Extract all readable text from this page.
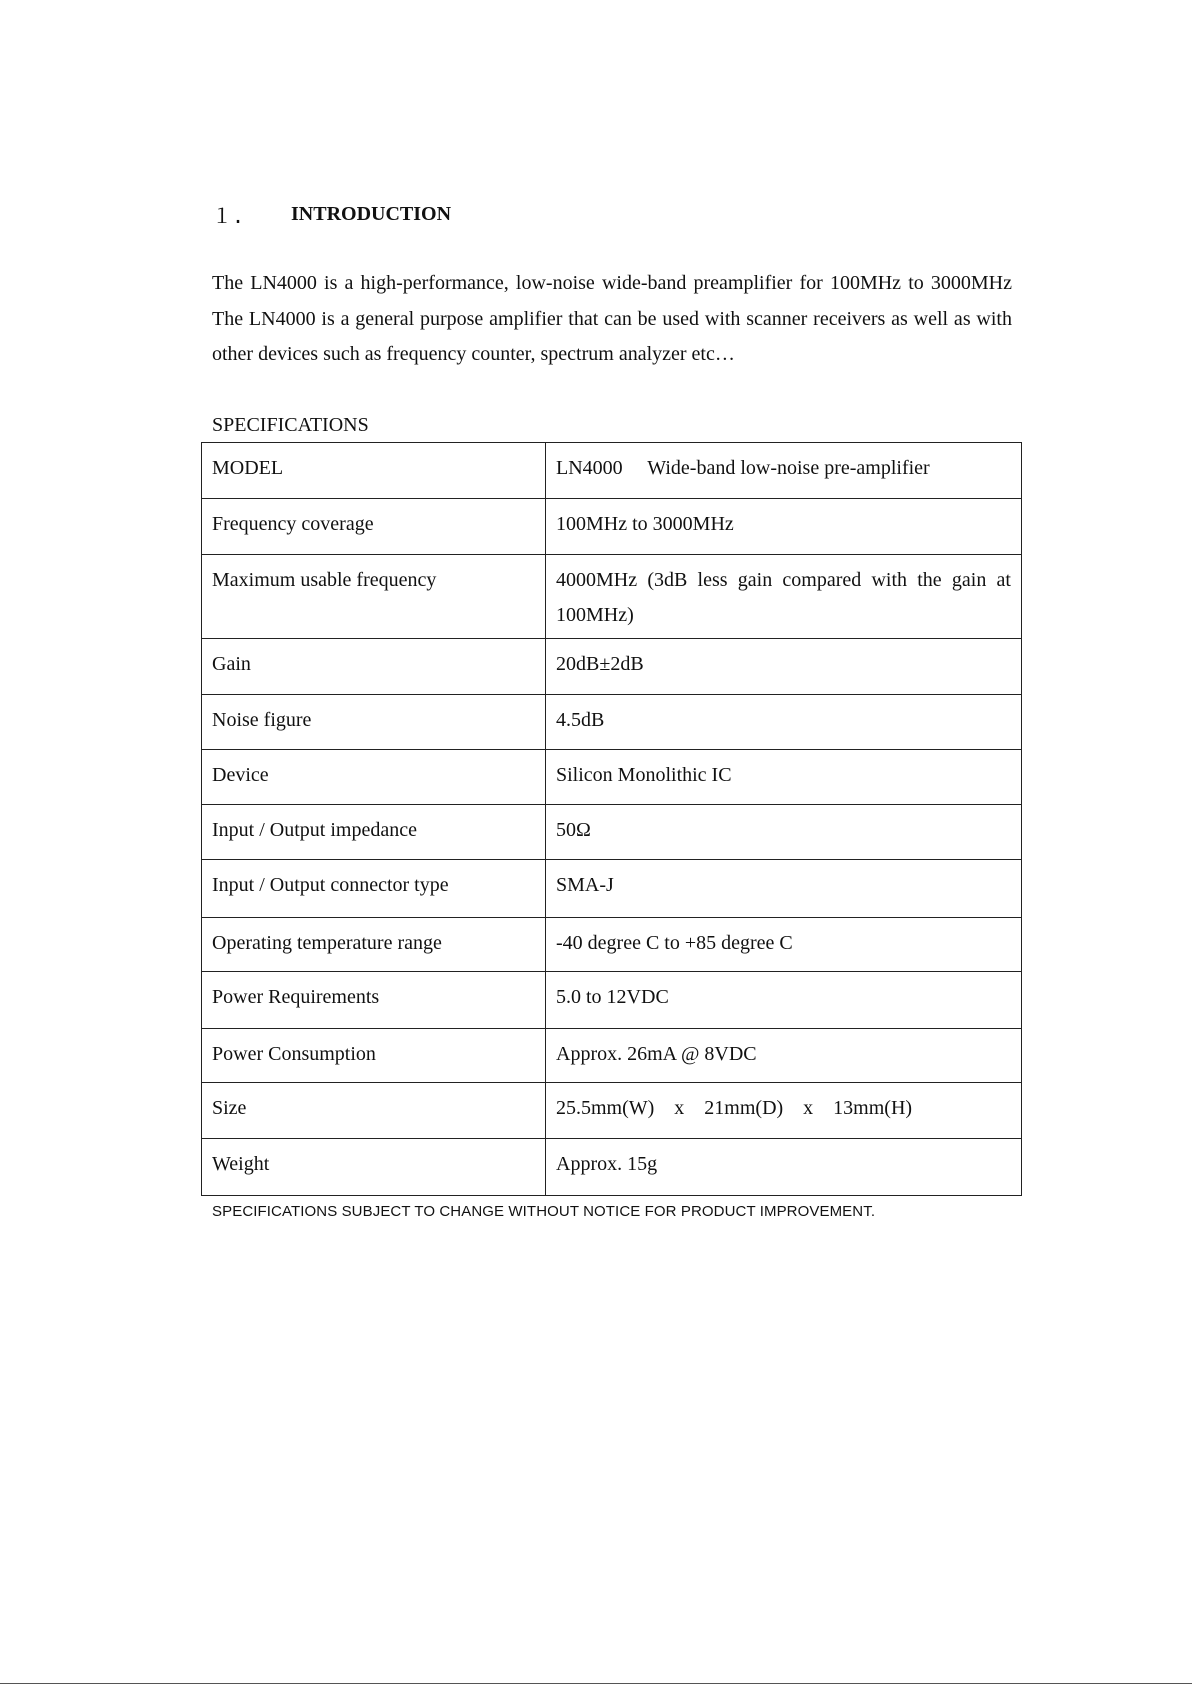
１.	INTRODUCTION

The LN4000 is a high-performance, low-noise wide-band preamplifier for 100MHz to 3000MHz The LN4000 is a general purpose amplifier that can be used with scanner receivers as well as with other devices such as frequency counter, spectrum analyzer etc…

SPECIFICATIONS
MODEL	LN4000　 Wide-band low-noise pre-amplifier
Frequency coverage	100MHz to 3000MHz
Maximum usable frequency	4000MHz (3dB less gain compared with the gain at 100MHz)
Gain	20dB±2dB
Noise figure	4.5dB
Device	Silicon Monolithic IC
Input / Output impedance	50Ω
Input / Output connector type	SMA-J
Operating temperature range	-40 degree C to +85 degree C
Power Requirements	5.0 to 12VDC
Power Consumption	Approx. 26mA @ 8VDC
Size	25.5mm(W)　x　21mm(D)　x　13mm(H)
Weight	Approx. 15g
SPECIFICATIONS SUBJECT TO CHANGE WITHOUT NOTICE FOR PRODUCT IMPROVEMENT.
